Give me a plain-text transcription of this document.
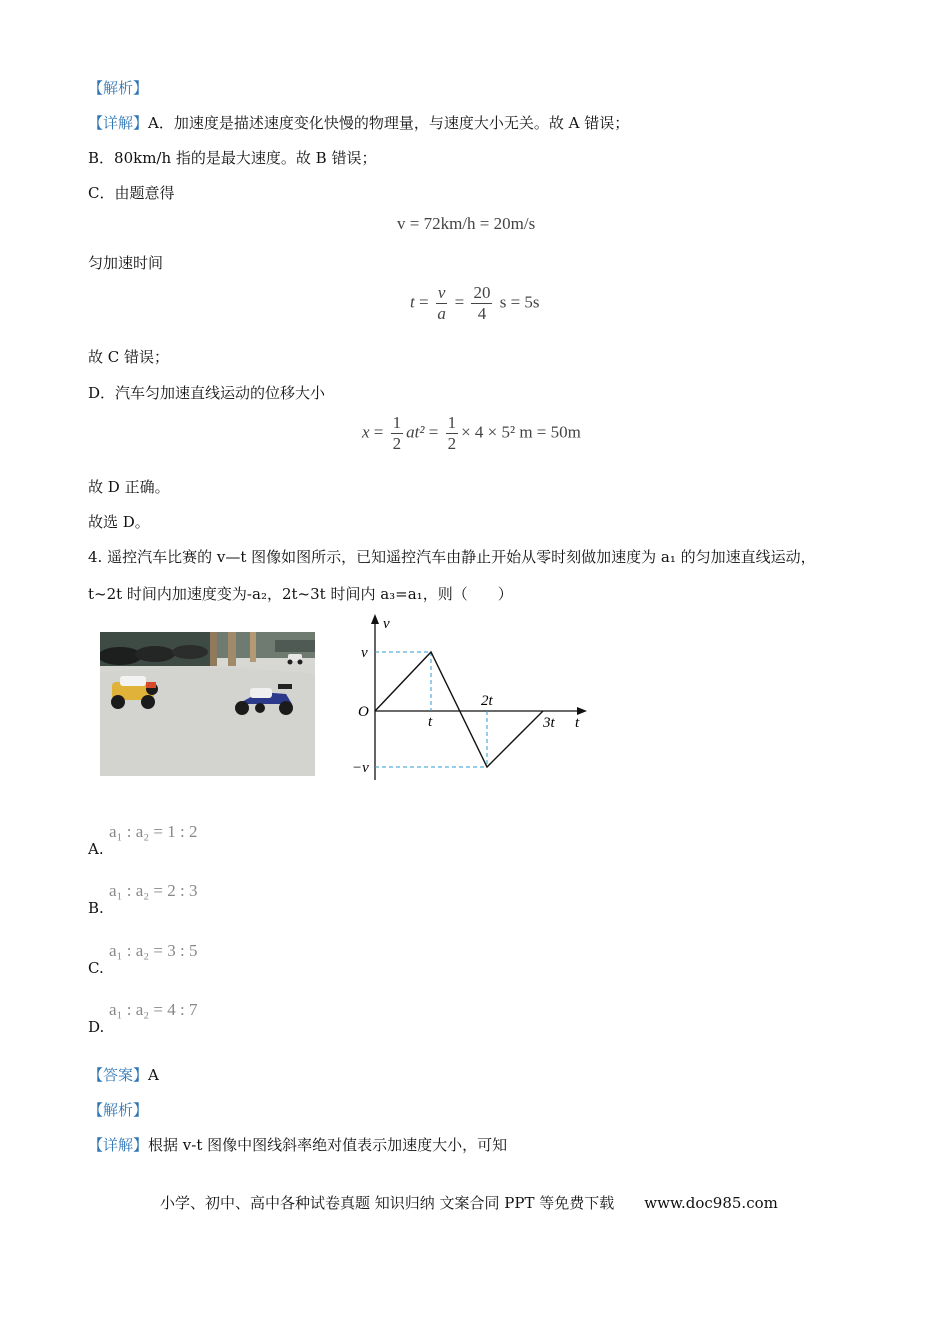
【解析】
【详解】A．加速度是描述速度变化快慢的物理量，与速度大小无关。故 A 错误；
B．80km/h 指的是最大速度。故 B 错误；
C．由题意得
v = 72km/h = 20m/s
匀加速时间
$t = \frac{v}{a} = \frac{20}{4}$ s = 5s
故 C 错误；
D．汽车匀加速直线运动的位移大小
$x = \frac{1}{2} at^2 = \frac{1}{2} \times 4 \times 5^2$ m = 50m
故 D 正确。
故选 D。
4. 遥控汽车比赛的 v—t 图像如图所示，已知遥控汽车由静止开始从零时刻做加速度为 a₁ 的匀加速直线运动，
t~2t 时间内加速度变为-a₂，2t~3t 时间内 a₃=a₁，则（　　）
v
t
O
v
−v
t
2t
3t
A.
a₁ : a₂ = 1 : 2
B.
a₁ : a₂ = 2 : 3
C.
a₁ : a₂ = 3 : 5
D.
a₁ : a₂ = 4 : 7
【答案】A
【解析】
【详解】根据 v-t 图像中图线斜率绝对值表示加速度大小，可知
小学、初中、高中各种试卷真题 知识归纳 文案合同 PPT 等免费下载　　www.doc985.com
